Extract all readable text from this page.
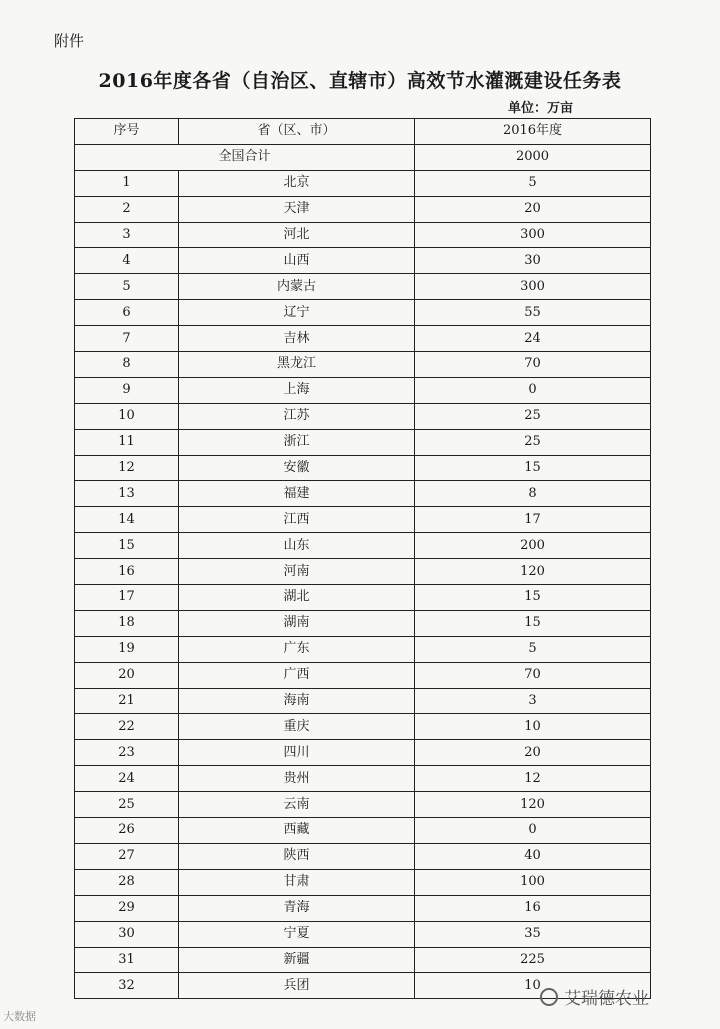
附件
2016年度各省（自治区、直辖市）高效节水灌溉建设任务表
单位：万亩
序号	省（区、市）	2016年度
全国合计		2000
1	北京	5
2	天津	20
3	河北	300
4	山西	30
5	内蒙古	300
6	辽宁	55
7	吉林	24
8	黑龙江	70
9	上海	0
10	江苏	25
11	浙江	25
12	安徽	15
13	福建	8
14	江西	17
15	山东	200
16	河南	120
17	湖北	15
18	湖南	15
19	广东	5
20	广西	70
21	海南	3
22	重庆	10
23	四川	20
24	贵州	12
25	云南	120
26	西藏	0
27	陕西	40
28	甘肃	100
29	青海	16
30	宁夏	35
31	新疆	225
32	兵团	10
大数据
艾瑞德农业
